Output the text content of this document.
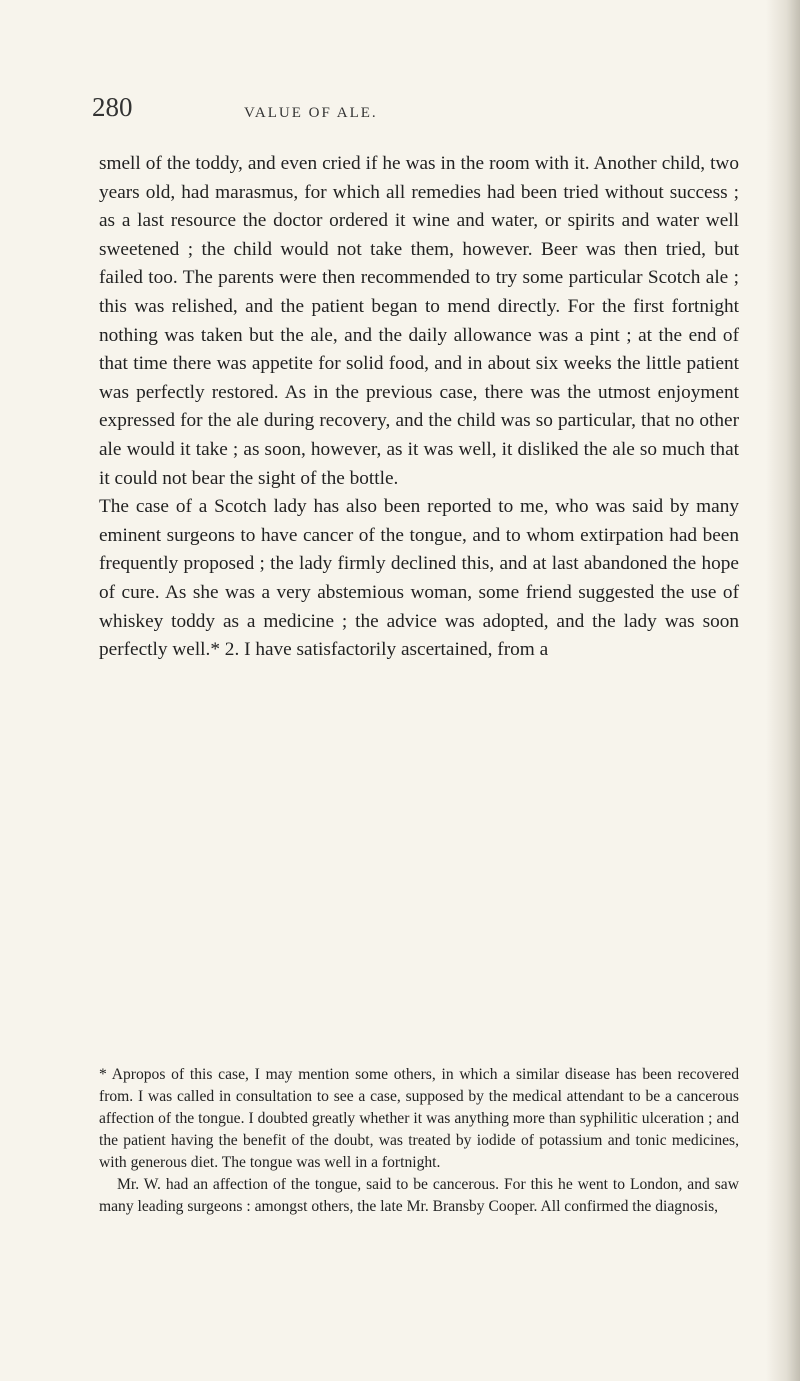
280	VALUE OF ALE.

smell of the toddy, and even cried if he was in the room with it. Another child, two years old, had marasmus, for which all remedies had been tried without success ; as a last resource the doctor ordered it wine and water, or spirits and water well sweetened ; the child would not take them, however. Beer was then tried, but failed too. The parents were then recommended to try some particular Scotch ale ; this was relished, and the patient began to mend directly. For the first fortnight nothing was taken but the ale, and the daily allowance was a pint ; at the end of that time there was appetite for solid food, and in about six weeks the little patient was perfectly restored. As in the previous case, there was the utmost enjoyment expressed for the ale during recovery, and the child was so particular, that no other ale would it take ; as soon, however, as it was well, it disliked the ale so much that it could not bear the sight of the bottle.

The case of a Scotch lady has also been reported to me, who was said by many eminent surgeons to have cancer of the tongue, and to whom extirpation had been frequently proposed ; the lady firmly declined this, and at last abandoned the hope of cure. As she was a very abstemious woman, some friend suggested the use of whiskey toddy as a medicine ; the advice was adopted, and the lady was soon perfectly well.* 2. I have satisfactorily ascertained, from a

* Apropos of this case, I may mention some others, in which a similar disease has been recovered from. I was called in consultation to see a case, supposed by the medical attendant to be a cancerous affection of the tongue. I doubted greatly whether it was anything more than syphilitic ulceration ; and the patient having the benefit of the doubt, was treated by iodide of potassium and tonic medicines, with generous diet. The tongue was well in a fortnight.

Mr. W. had an affection of the tongue, said to be cancerous. For this he went to London, and saw many leading surgeons : amongst others, the late Mr. Bransby Cooper. All confirmed the diagnosis,
